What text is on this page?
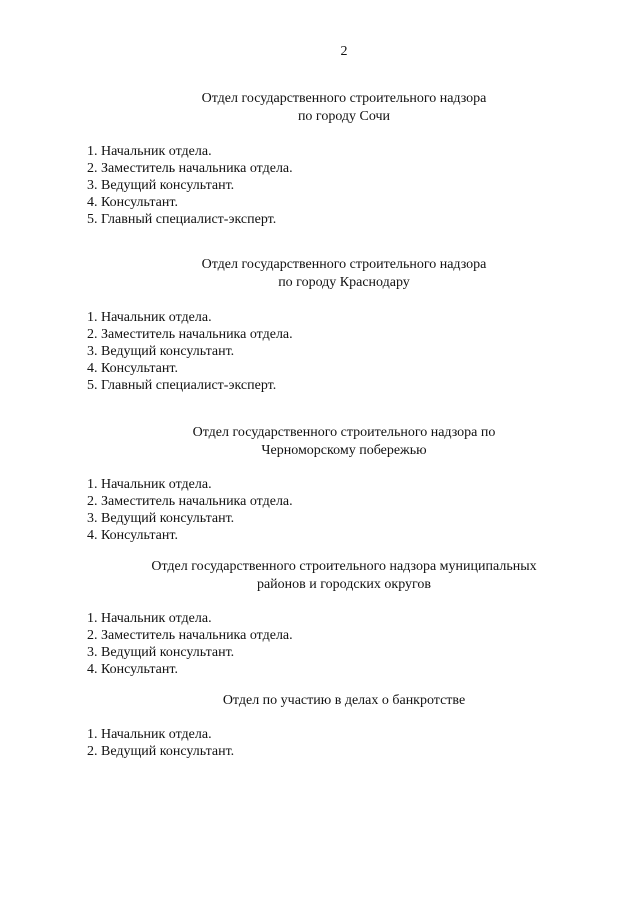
2
Отдел государственного строительного надзора
по городу Сочи
1. Начальник отдела.
2. Заместитель начальника отдела.
3. Ведущий консультант.
4. Консультант.
5. Главный специалист-эксперт.
Отдел государственного строительного надзора
по городу Краснодару
1. Начальник отдела.
2. Заместитель начальника отдела.
3. Ведущий консультант.
4. Консультант.
5. Главный специалист-эксперт.
Отдел государственного строительного надзора по
Черноморскому побережью
1. Начальник отдела.
2. Заместитель начальника отдела.
3. Ведущий консультант.
4. Консультант.
Отдел государственного строительного надзора муниципальных
районов и городских округов
1. Начальник отдела.
2. Заместитель начальника отдела.
3. Ведущий консультант.
4. Консультант.
Отдел по участию в делах о банкротстве
1. Начальник отдела.
2. Ведущий консультант.
